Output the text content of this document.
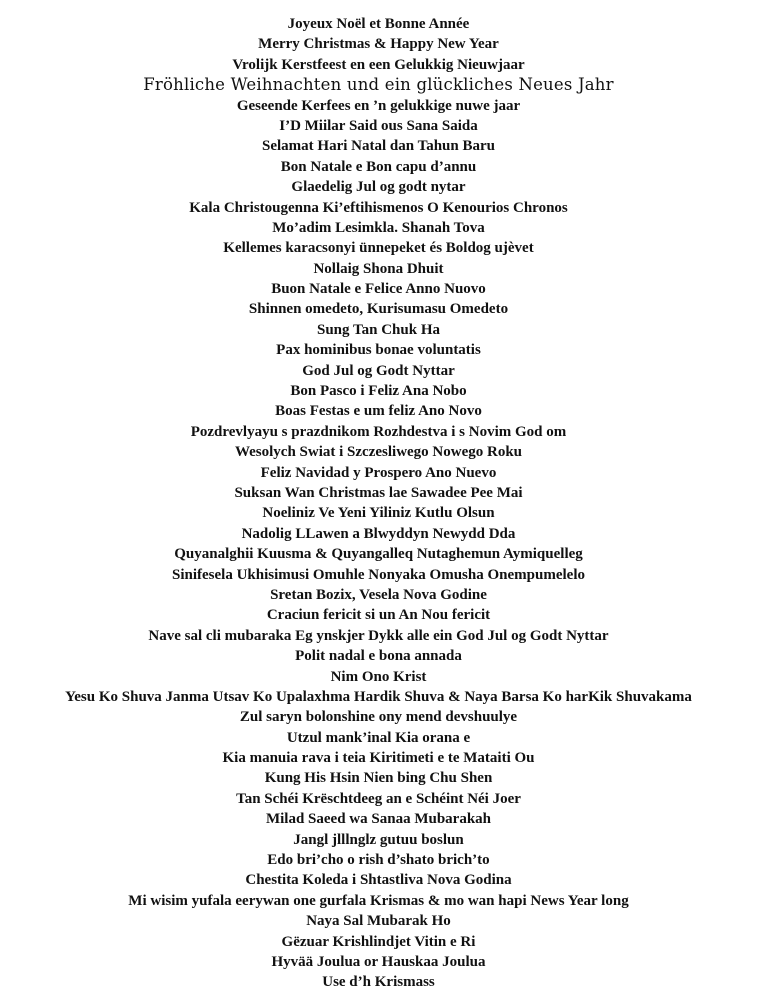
Joyeux Noël et Bonne Année
Merry Christmas & Happy New Year
Vrolijk Kerstfeest en een Gelukkig Nieuwjaar
Fröhliche Weihnachten und ein glückliches Neues Jahr
Geseende Kerfees en ’n gelukkige nuwe jaar
I’D Miilar Said ous Sana Saida
Selamat Hari Natal dan Tahun Baru
Bon Natale e Bon capu d’annu
Glaedelig Jul og godt nytar
Kala Christougenna Ki’eftihismenos O Kenourios Chronos
Mo’adim Lesimkla. Shanah Tova
Kellemes karacsonyi ünnepeket és Boldog ujèvet
Nollaig Shona Dhuit
Buon Natale e Felice Anno Nuovo
Shinnen omedeto, Kurisumasu Omedeto
Sung Tan Chuk Ha
Pax hominibus bonae voluntatis
God Jul og Godt Nyttar
Bon Pasco i Feliz Ana Nobo
Boas Festas e um feliz Ano Novo
Pozdrevlyayu s prazdnikom Rozhdestva i s Novim God om
Wesolych Swiat i Szczesliwego Nowego Roku
Feliz Navidad y Prospero Ano Nuevo
Suksan Wan Christmas lae Sawadee Pee Mai
Noeliniz Ve Yeni Yiliniz Kutlu Olsun
Nadolig LLawen a Blwyddyn Newydd Dda
Quyanalghii Kuusma & Quyangalleq Nutaghemun Aymiquelleg
Sinifesela Ukhisimusi Omuhle Nonyaka Omusha Onempumelelo
Sretan Bozix, Vesela Nova Godine
Craciun fericit si un An Nou fericit
Nave sal cli mubaraka Eg ynskjer Dykk alle ein God Jul og Godt Nyttar
Polit nadal e bona annada
Nim Ono Krist
Yesu Ko Shuva Janma Utsav Ko Upalaxhma Hardik Shuva & Naya Barsa Ko harKik Shuvakama
Zul saryn bolonshine ony mend devshuulye
Utzul mank’inal Kia orana e
Kia manuia rava i teia Kiritimeti e te Mataiti Ou
Kung His Hsin Nien bing Chu Shen
Tan Schéi Krëschtdeeg an e Schéint Néi Joer
Milad Saeed wa Sanaa Mubarakah
Jangl jlllnglz gutuu boslun
Edo bri’cho o rish d’shato brich’to
Chestita Koleda i Shtastliva Nova Godina
Mi wisim yufala eerywan one gurfala Krismas & mo wan hapi News Year long
Naya Sal Mubarak Ho
Gëzuar Krishlindjet Vitin e Ri
Hyvää Joulua or Hauskaa Joulua
Use d’h Krismass
